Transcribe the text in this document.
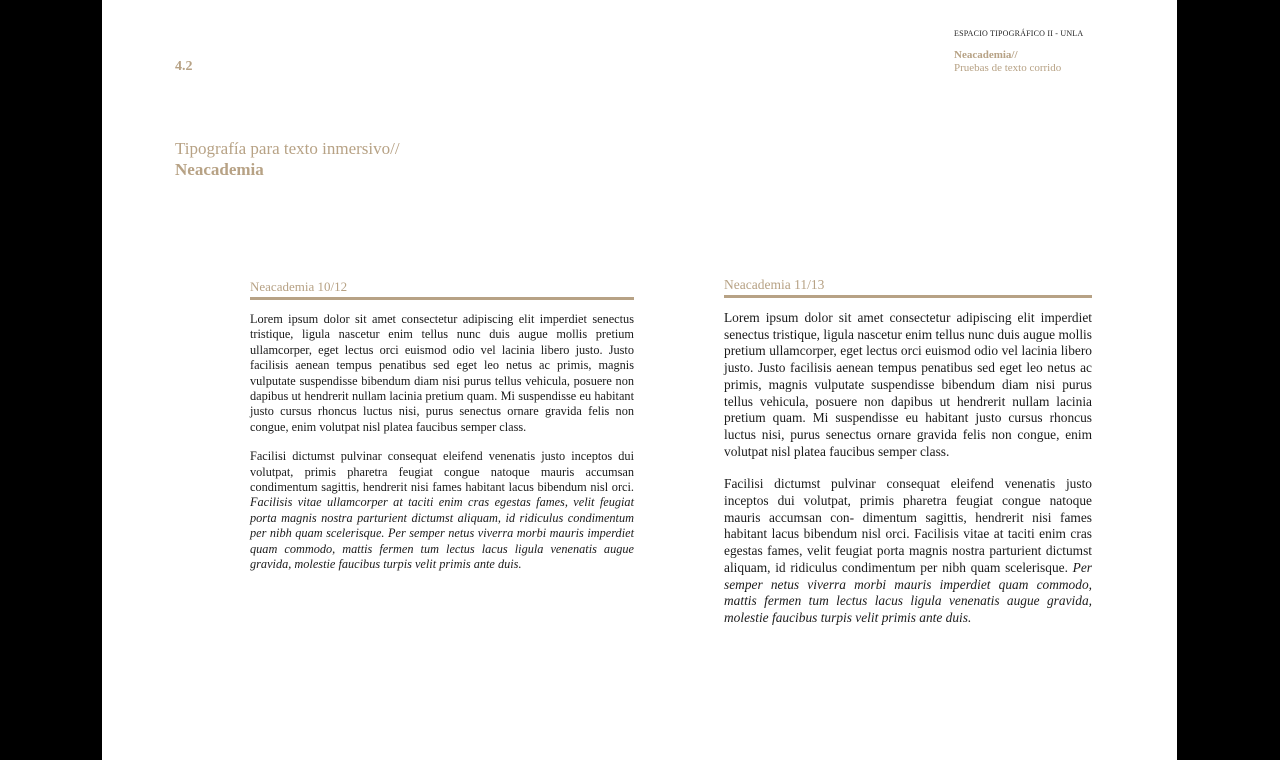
ESPACIO TIPOGRÁFICO II - UNLA
Neacademia//
Pruebas de texto corrido
4.2
Tipografía para texto inmersivo//
Neacademia
Neacademia 10/12

Lorem ipsum dolor sit amet consectetur adipiscing elit imperdiet senectus tristique, ligula nascetur enim tellus nunc duis augue mollis pretium ullamcorper, eget lectus orci euismod odio vel lacinia libero justo. Justo facilisis aenean tempus penatibus sed eget leo netus ac primis, magnis vulputate suspendisse bibendum diam nisi purus tellus vehicula, posuere non dapibus ut hendrerit nullam lacinia pretium quam. Mi suspendisse eu habitant justo cursus rhoncus luctus nisi, purus senectus ornare gravida felis non congue, enim volutpat nisl platea faucibus semper class.

Facilisi dictumst pulvinar consequat eleifend venenatis justo inceptos dui volutpat, primis pharetra feugiat congue natoque mauris accumsan condimentum sagittis, hendrerit nisi fames habitant lacus bibendum nisl orci. Facilisis vitae ullamcorper at taciti enim cras egestas fames, velit feugiat porta magnis nostra parturient dictumst aliquam, id ridiculus condimentum per nibh quam scelerisque. Per semper netus viverra morbi mauris imperdiet quam commodo, mattis fermen tum lectus lacus ligula venenatis augue gravida, molestie faucibus turpis velit primis ante duis.

Neacademia 11/13

Lorem ipsum dolor sit amet consectetur adipiscing elit imperdiet senectus tristique, ligula nascetur enim tellus nunc duis augue mollis pretium ullamcorper, eget lectus orci euismod odio vel lacinia libero justo. Justo facilisis aenean tempus penatibus sed eget leo netus ac primis, magnis vulputate suspendisse bibendum diam nisi purus tellus vehicula, posuere non dapibus ut hendrerit nullam lacinia pretium quam. Mi suspendisse eu habitant justo cursus rhoncus luctus nisi, purus senectus ornare gravida felis non congue, enim volutpat nisl platea faucibus semper class.

Facilisi dictumst pulvinar consequat eleifend venenatis justo inceptos dui volutpat, primis pharetra feugiat congue natoque mauris accumsan con- dimentum sagittis, hendrerit nisi fames habitant lacus bibendum nisl orci. Facilisis vitae at taciti enim cras egestas fames, velit feugiat porta magnis nostra parturient dictumst aliquam, id ridiculus condimentum per nibh quam scelerisque. Per semper netus viverra morbi mauris imperdiet quam commodo, mattis fermen tum lectus lacus ligula venenatis augue gravida, molestie faucibus turpis velit primis ante duis.
